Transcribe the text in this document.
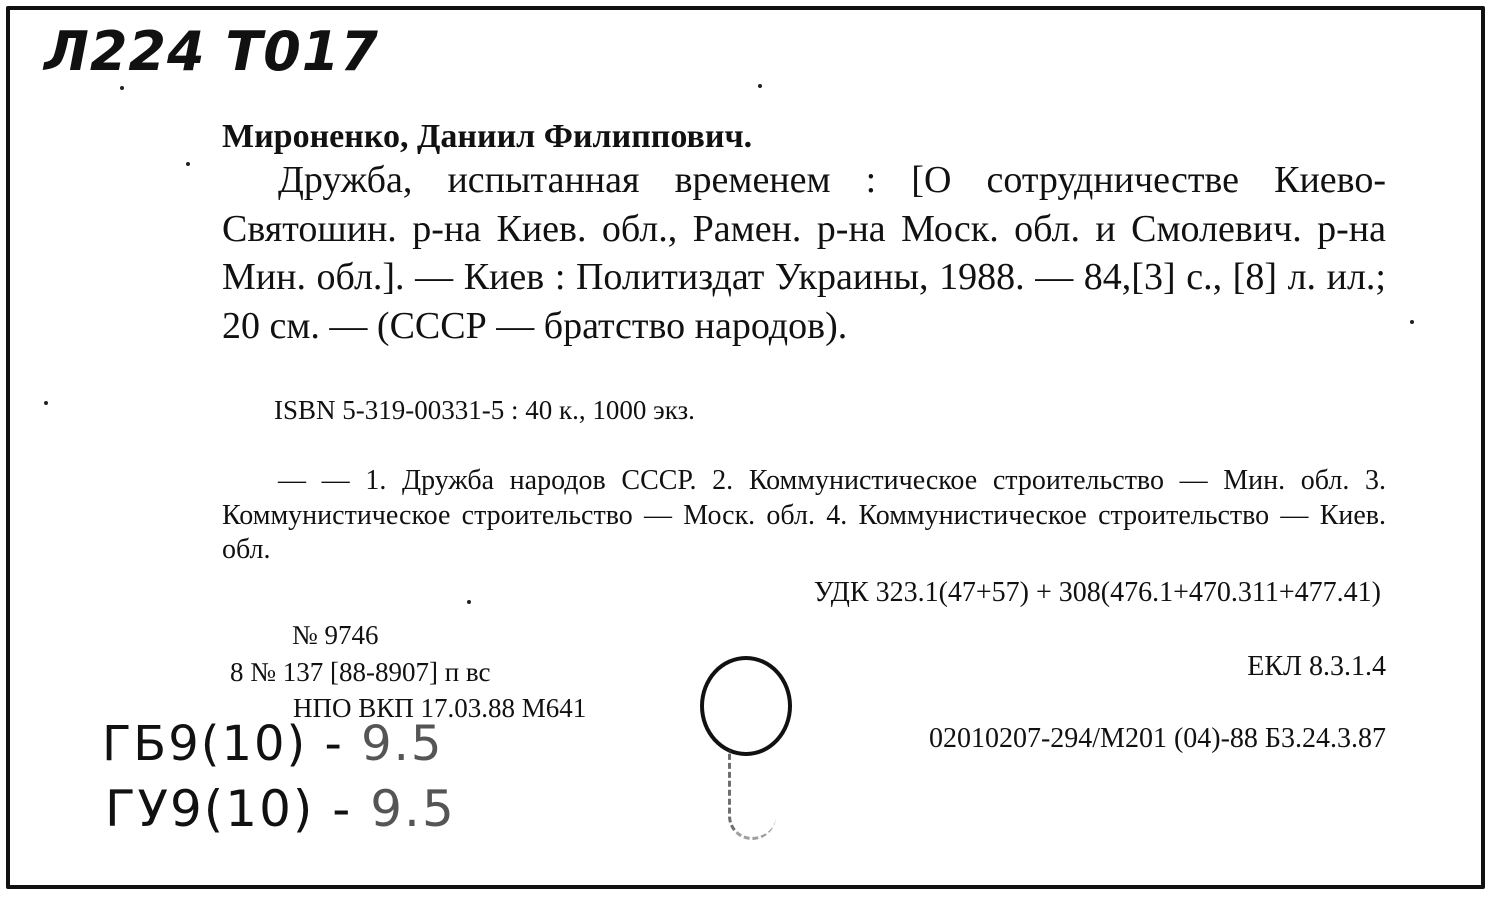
Л224 Т017
Мироненко, Даниил Филиппович.
Дружба, испытанная временем : [О сотрудничестве Киево-Святошин. р-на Киев. обл., Рамен. р-на Моск. обл. и Смолевич. р-на Мин. обл.]. — Киев : Политиздат Украины, 1988. — 84,[3] с., [8] л. ил.; 20 см. — (СССР — братство народов).
ISBN 5-319-00331-5 : 40 к., 1000 экз.
— — 1. Дружба народов СССР. 2. Коммунистическое строительство — Мин. обл. 3. Коммунистическое строительство — Моск. обл. 4. Коммунистическое строительство — Киев. обл.
УДК 323.1(47+57) + 308(476.1+470.311+477.41)
№ 9746
8 № 137 [88-8907] п вс	ЕКЛ 8.3.1.4
НПО ВКП 17.03.88 М641
02010207-294/М201 (04)-88 Б3.24.3.87
ГБ9(10) - 9.5
ГУ9(10) - 9.5
